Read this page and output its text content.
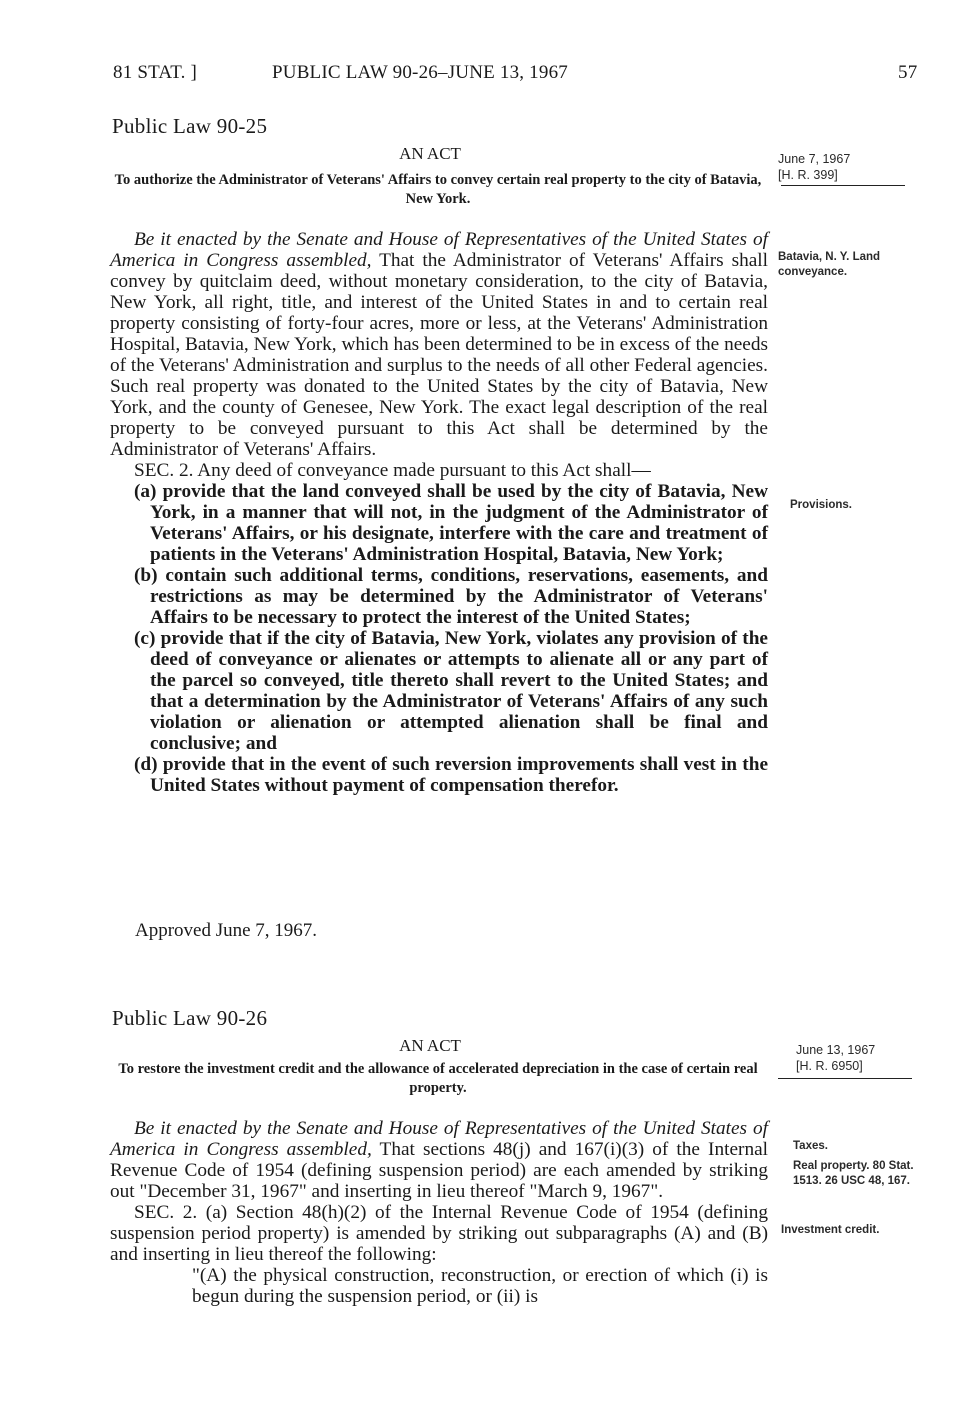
81 STAT. ]	PUBLIC LAW 90-26–JUNE 13, 1967	57
Public Law 90-25
AN ACT
To authorize the Administrator of Veterans' Affairs to convey certain real property to the city of Batavia, New York.
June 7, 1967
[H. R. 399]
Batavia, N. Y. Land conveyance.
Provisions.

Be it enacted by the Senate and House of Representatives of the United States of America in Congress assembled, That the Administrator of Veterans' Affairs shall convey by quitclaim deed, without monetary consideration, to the city of Batavia, New York, all right, title, and interest of the United States in and to certain real property consisting of forty-four acres, more or less, at the Veterans' Administration Hospital, Batavia, New York, which has been determined to be in excess of the needs of the Veterans' Administration and surplus to the needs of all other Federal agencies. Such real property was donated to the United States by the city of Batavia, New York, and the county of Genesee, New York. The exact legal description of the real property to be conveyed pursuant to this Act shall be determined by the Administrator of Veterans' Affairs.

SEC. 2. Any deed of conveyance made pursuant to this Act shall—

(a) provide that the land conveyed shall be used by the city of Batavia, New York, in a manner that will not, in the judgment of the Administrator of Veterans' Affairs, or his designate, interfere with the care and treatment of patients in the Veterans' Administration Hospital, Batavia, New York;

(b) contain such additional terms, conditions, reservations, easements, and restrictions as may be determined by the Administrator of Veterans' Affairs to be necessary to protect the interest of the United States;

(c) provide that if the city of Batavia, New York, violates any provision of the deed of conveyance or alienates or attempts to alienate all or any part of the parcel so conveyed, title thereto shall revert to the United States; and that a determination by the Administrator of Veterans' Affairs of any such violation or alienation or attempted alienation shall be final and conclusive; and

(d) provide that in the event of such reversion improvements shall vest in the United States without payment of compensation therefor.

Approved June 7, 1967.
Public Law 90-26
AN ACT
To restore the investment credit and the allowance of accelerated depreciation in the case of certain real property.
June 13, 1967
[H. R. 6950]
Taxes.
Real property. 80 Stat. 1513. 26 USC 48, 167.
Investment credit.

Be it enacted by the Senate and House of Representatives of the United States of America in Congress assembled, That sections 48(j) and 167(i)(3) of the Internal Revenue Code of 1954 (defining suspension period) are each amended by striking out "December 31, 1967" and inserting in lieu thereof "March 9, 1967".

SEC. 2. (a) Section 48(h)(2) of the Internal Revenue Code of 1954 (defining suspension period property) is amended by striking out subparagraphs (A) and (B) and inserting in lieu thereof the following:

"(A) the physical construction, reconstruction, or erection of which (i) is begun during the suspension period, or (ii) is
